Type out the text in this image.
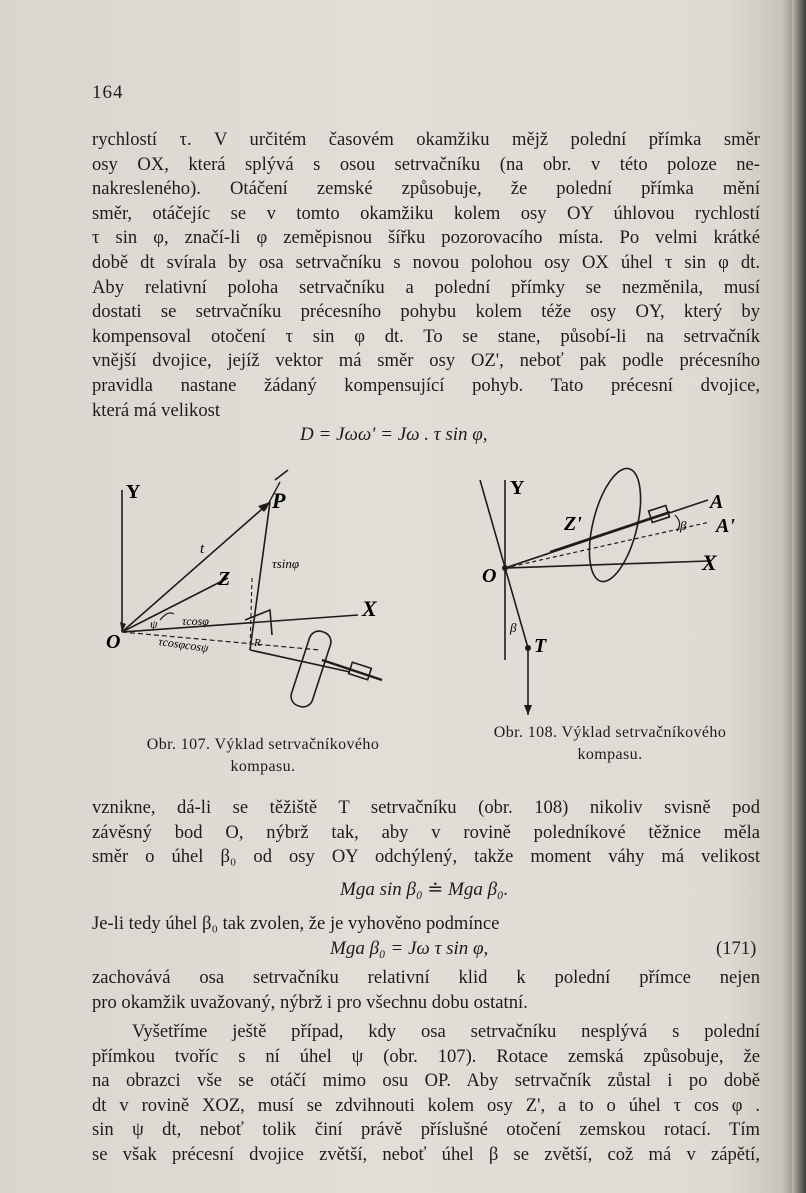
164
rychlostí τ. V určitém časovém okamžiku mějž polední přímka směr
osy OX, která splývá s osou setrvačníku (na obr. v této poloze ne-
nakresleného). Otáčení zemské způsobuje, že polední přímka mění
směr, otáčejíc se v tomto okamžiku kolem osy OY úhlovou rychlostí
τ sin φ, značí-li φ zeměpisnou šířku pozorovacího místa. Po velmi krátké
době dt svírala by osa setrvačníku s novou polohou osy OX úhel τ sin φ dt.
Aby relativní poloha setrvačníku a polední přímky se nezměnila, musí
dostati se setrvačníku précesního pohybu kolem téže osy OY, který by
kompensoval otočení τ sin φ dt. To se stane, působí-li na setrvačník
vnější dvojice, jejíž vektor má směr osy OZ', neboť pak podle précesního
pravidla nastane žádaný kompensující pohyb. Tato précesní dvojice,
která má velikost
D = Jωω' = Jω . τ sin φ,
Y
X
O
P
Z
t
τsinφ
τcosφ
τcosφcosψ
ψ
R
Obr. 107. Výklad setrvačníkového
kompasu.
Y
X
O
Z'
A
A'
T
β
β
Obr. 108. Výklad setrvačníkového
kompasu.
vznikne, dá-li se těžiště T setrvačníku (obr. 108) nikoliv svisně pod
závěsný bod O, nýbrž tak, aby v rovině poledníkové těžnice měla
směr o úhel β₀ od osy OY odchýlený, takže moment váhy má velikost
Mga sin β₀ ≐ Mga β₀.
Je-li tedy úhel β₀ tak zvolen, že je vyhověno podmínce
Mga β₀ = Jω τ sin φ,	(171)
zachovává osa setrvačníku relativní klid k polední přímce nejen
pro okamžik uvažovaný, nýbrž i pro všechnu dobu ostatní.
Vyšetříme ještě případ, kdy osa setrvačníku nesplývá s polední
přímkou tvoříc s ní úhel ψ (obr. 107). Rotace zemská způsobuje, že
na obrazci vše se otáčí mimo osu OP. Aby setrvačník zůstal i po době
dt v rovině XOZ, musí se zdvihnouti kolem osy Z', a to o úhel τ cos φ .
sin ψ dt, neboť tolik činí právě příslušné otočení zemskou rotací. Tím
se však précesní dvojice zvětší, neboť úhel β se zvětší, což má v zápětí,
